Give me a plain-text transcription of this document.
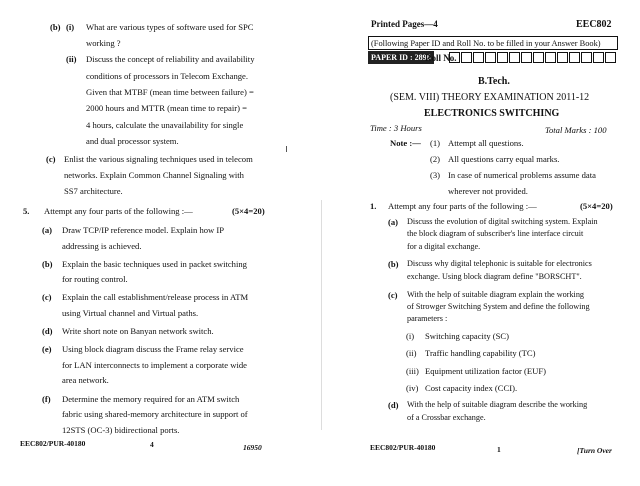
(b) (i) What are various types of software used for SPC
working ?
(ii) Discuss the concept of reliability and availability
conditions of processors in Telecom Exchange.
Given that MTBF (mean time between failure) =
2000 hours and MTTR (mean time to repair) =
4 hours, calculate the unavailability for single
and dual processor system.
(c) Enlist the various signaling techniques used in telecom
networks. Explain Common Channel Signaling with
SS7 architecture.
5. Attempt any four parts of the following :—	(5×4=20)
(a) Draw TCP/IP reference model. Explain how IP
addressing is achieved.
(b) Explain the basic techniques used in packet switching
for routing control.
(c) Explain the call establishment/release process in ATM
using Virtual channel and Virtual paths.
(d) Write short note on Banyan network switch.
(e) Using block diagram discuss the Frame relay service
for LAN interconnects to implement a corporate wide
area network.
(f) Determine the memory required for an ATM switch
fabric using shared-memory architecture in support of
12STS (OC-3) bidirectional ports.
EEC802/PUR-40180	4	16950
Printed Pages—4	EEC802
(Following Paper ID and Roll No. to be filled in your Answer Book)
PAPER ID : 2896
Roll No.
B.Tech.
(SEM. VIII) THEORY EXAMINATION 2011-12
ELECTRONICS SWITCHING
Time : 3 Hours	Total Marks : 100
Note :— (1) Attempt all questions.
(2) All questions carry equal marks.
(3) In case of numerical problems assume data
wherever not provided.
1. Attempt any four parts of the following :—	(5×4=20)
(a) Discuss the evolution of digital switching system. Explain
the block diagram of subscriber's line interface circuit
for a digital exchange.
(b) Discuss why digital telephonic is suitable for electronics
exchange. Using block diagram define "BORSCHT".
(c) With the help of suitable diagram explain the working
of Strowger Switching System and define the following
parameters :
(i) Switching capacity (SC)
(ii) Traffic handling capability (TC)
(iii) Equipment utilization factor (EUF)
(iv) Cost capacity index (CCI).
(d) With the help of suitable diagram describe the working
of a Crossbar exchange.
EEC802/PUR-40180	1	[Turn Over
